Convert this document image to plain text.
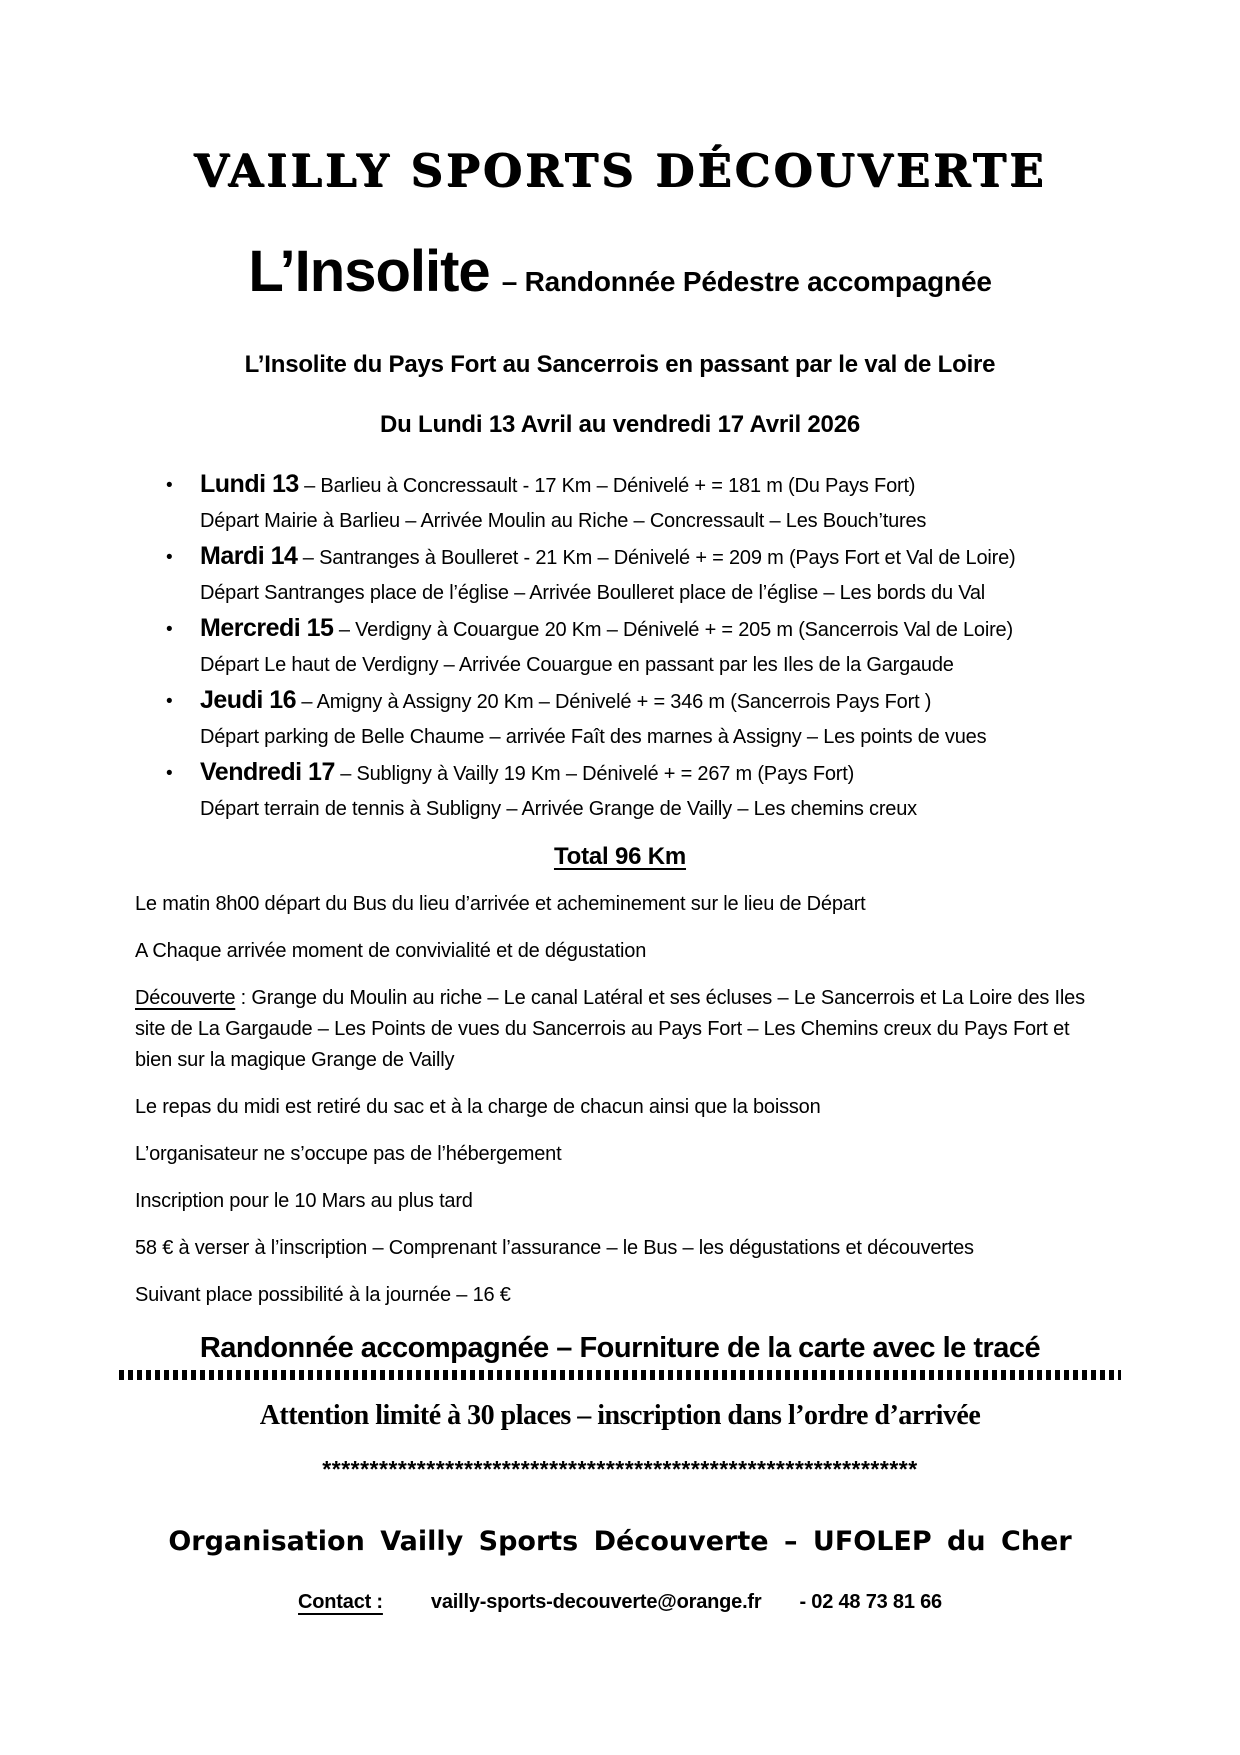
VAILLY SPORTS DÉCOUVERTE
L’Insolite – Randonnée Pédestre accompagnée
L’Insolite du Pays Fort au Sancerrois en passant par le val de Loire
Du Lundi 13 Avril au vendredi 17 Avril 2026
• Lundi 13 – Barlieu à Concressault - 17 Km – Dénivelé + = 181 m (Du Pays Fort)
Départ Mairie à Barlieu – Arrivée Moulin au Riche – Concressault – Les Bouch’tures
• Mardi 14 – Santranges à Boulleret - 21 Km – Dénivelé + = 209 m (Pays Fort et Val de Loire)
Départ Santranges place de l’église – Arrivée Boulleret place de l’église – Les bords du Val
• Mercredi 15 – Verdigny à Couargue 20 Km – Dénivelé + = 205 m (Sancerrois Val de Loire)
Départ Le haut de Verdigny – Arrivée Couargue en passant par les Iles de la Gargaude
• Jeudi 16 – Amigny à Assigny 20 Km – Dénivelé + = 346 m (Sancerrois Pays Fort )
Départ parking de Belle Chaume – arrivée Faît des marnes à Assigny – Les points de vues
• Vendredi 17 – Subligny à Vailly 19 Km – Dénivelé + = 267 m (Pays Fort)
Départ terrain de tennis à Subligny – Arrivée Grange de Vailly – Les chemins creux
Total 96 Km

Le matin 8h00 départ du Bus du lieu d’arrivée et acheminement sur le lieu de Départ

A Chaque arrivée moment de convivialité et de dégustation

Découverte : Grange du Moulin au riche – Le canal Latéral et ses écluses – Le Sancerrois et La Loire des Iles site de La Gargaude – Les Points de vues du Sancerrois au Pays Fort – Les Chemins creux du Pays Fort et bien sur la magique Grange de Vailly

Le repas du midi est retiré du sac et à la charge de chacun ainsi que la boisson

L’organisateur ne s’occupe pas de l’hébergement

Inscription pour le 10 Mars au plus tard

58 € à verser à l’inscription – Comprenant l’assurance – le Bus – les dégustations et découvertes

Suivant place possibilité à la journée – 16 €

Randonnée accompagnée – Fourniture de la carte avec le tracé
Attention limité à 30 places – inscription dans l’ordre d’arrivée
***************************************************************
Organisation Vailly Sports Découverte – UFOLEP du Cher
Contact : vailly-sports-decouverte@orange.fr - 02 48 73 81 66
